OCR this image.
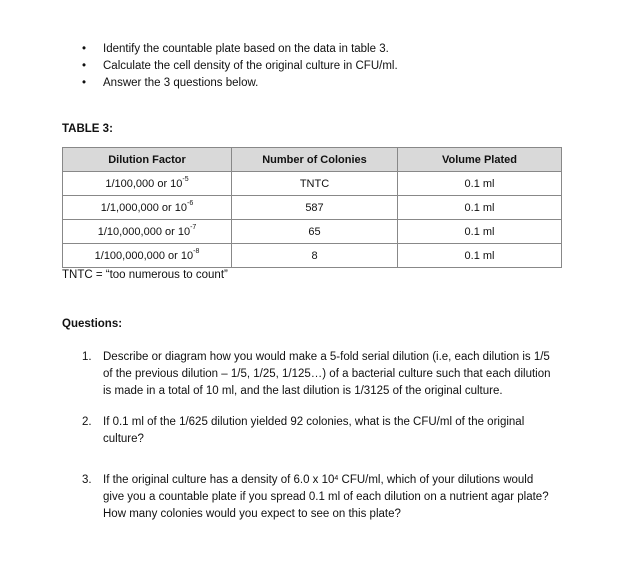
• Identify the countable plate based on the data in table 3.
• Calculate the cell density of the original culture in CFU/ml.
• Answer the 3 questions below.
TABLE 3:
Dilution Factor	Number of Colonies	Volume Plated
1/100,000 or $10^{-5}$	TNTC	0.1 ml
1/1,000,000 or $10^{-6}$	587	0.1 ml
1/10,000,000 or $10^{-7}$	65	0.1 ml
1/100,000,000 or $10^{-8}$	8	0.1 ml
TNTC = “too numerous to count”
Questions:
1. Describe or diagram how you would make a 5-fold serial dilution (i.e, each dilution is 1/5 of the previous dilution – 1/5, 1/25, 1/125…) of a bacterial culture such that each dilution is made in a total of 10 ml, and the last dilution is 1/3125 of the original culture.
2. If 0.1 ml of the 1/625 dilution yielded 92 colonies, what is the CFU/ml of the original culture?
3. If the original culture has a density of 6.0 x $10^4$ CFU/ml, which of your dilutions would give you a countable plate if you spread 0.1 ml of each dilution on a nutrient agar plate? How many colonies would you expect to see on this plate?
